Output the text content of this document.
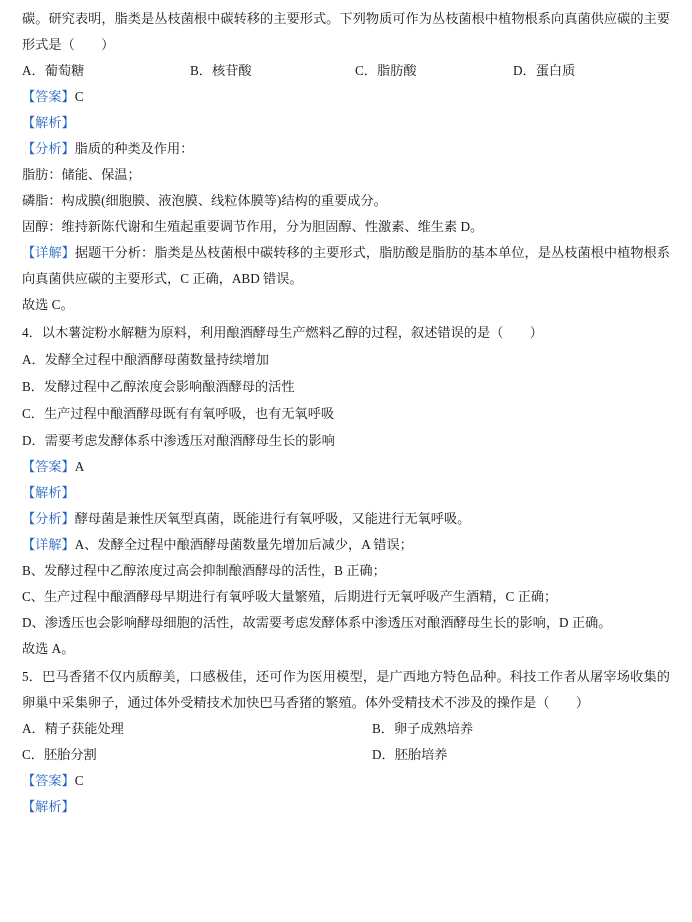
碳。研究表明，脂类是丛枝菌根中碳转移的主要形式。下列物质可作为丛枝菌根中植物根系向真菌供应碳的主要形式是（　　）

A．葡萄糖	B．核苷酸	C．脂肪酸	D．蛋白质

【答案】C

【解析】

【分析】脂质的种类及作用：

脂肪：储能、保温；

磷脂：构成膜(细胞膜、液泡膜、线粒体膜等)结构的重要成分。

固醇：维持新陈代谢和生殖起重要调节作用，分为胆固醇、性激素、维生素 D。

【详解】据题干分析：脂类是丛枝菌根中碳转移的主要形式，脂肪酸是脂肪的基本单位，是丛枝菌根中植物根系向真菌供应碳的主要形式，C 正确，ABD 错误。

故选 C。

4．以木薯淀粉水解糖为原料，利用酿酒酵母生产燃料乙醇的过程，叙述错误的是（　　）

A．发酵全过程中酿酒酵母菌数量持续增加

B．发酵过程中乙醇浓度会影响酿酒酵母的活性

C．生产过程中酿酒酵母既有有氧呼吸，也有无氧呼吸

D．需要考虑发酵体系中渗透压对酿酒酵母生长的影响

【答案】A

【解析】

【分析】酵母菌是兼性厌氧型真菌，既能进行有氧呼吸，又能进行无氧呼吸。

【详解】A、发酵全过程中酿酒酵母菌数量先增加后减少，A 错误；

B、发酵过程中乙醇浓度过高会抑制酿酒酵母的活性，B 正确；

C、生产过程中酿酒酵母早期进行有氧呼吸大量繁殖，后期进行无氧呼吸产生酒精，C 正确；

D、渗透压也会影响酵母细胞的活性，故需要考虑发酵体系中渗透压对酿酒酵母生长的影响，D 正确。

故选 A。

5．巴马香猪不仅内质醇美，口感极佳，还可作为医用模型，是广西地方特色品种。科技工作者从屠宰场收集的卵巢中采集卵子，通过体外受精技术加快巴马香猪的繁殖。体外受精技术不涉及的操作是（　　）

A．精子获能处理	B．卵子成熟培养
C．胚胎分割	D．胚胎培养

【答案】C

【解析】
